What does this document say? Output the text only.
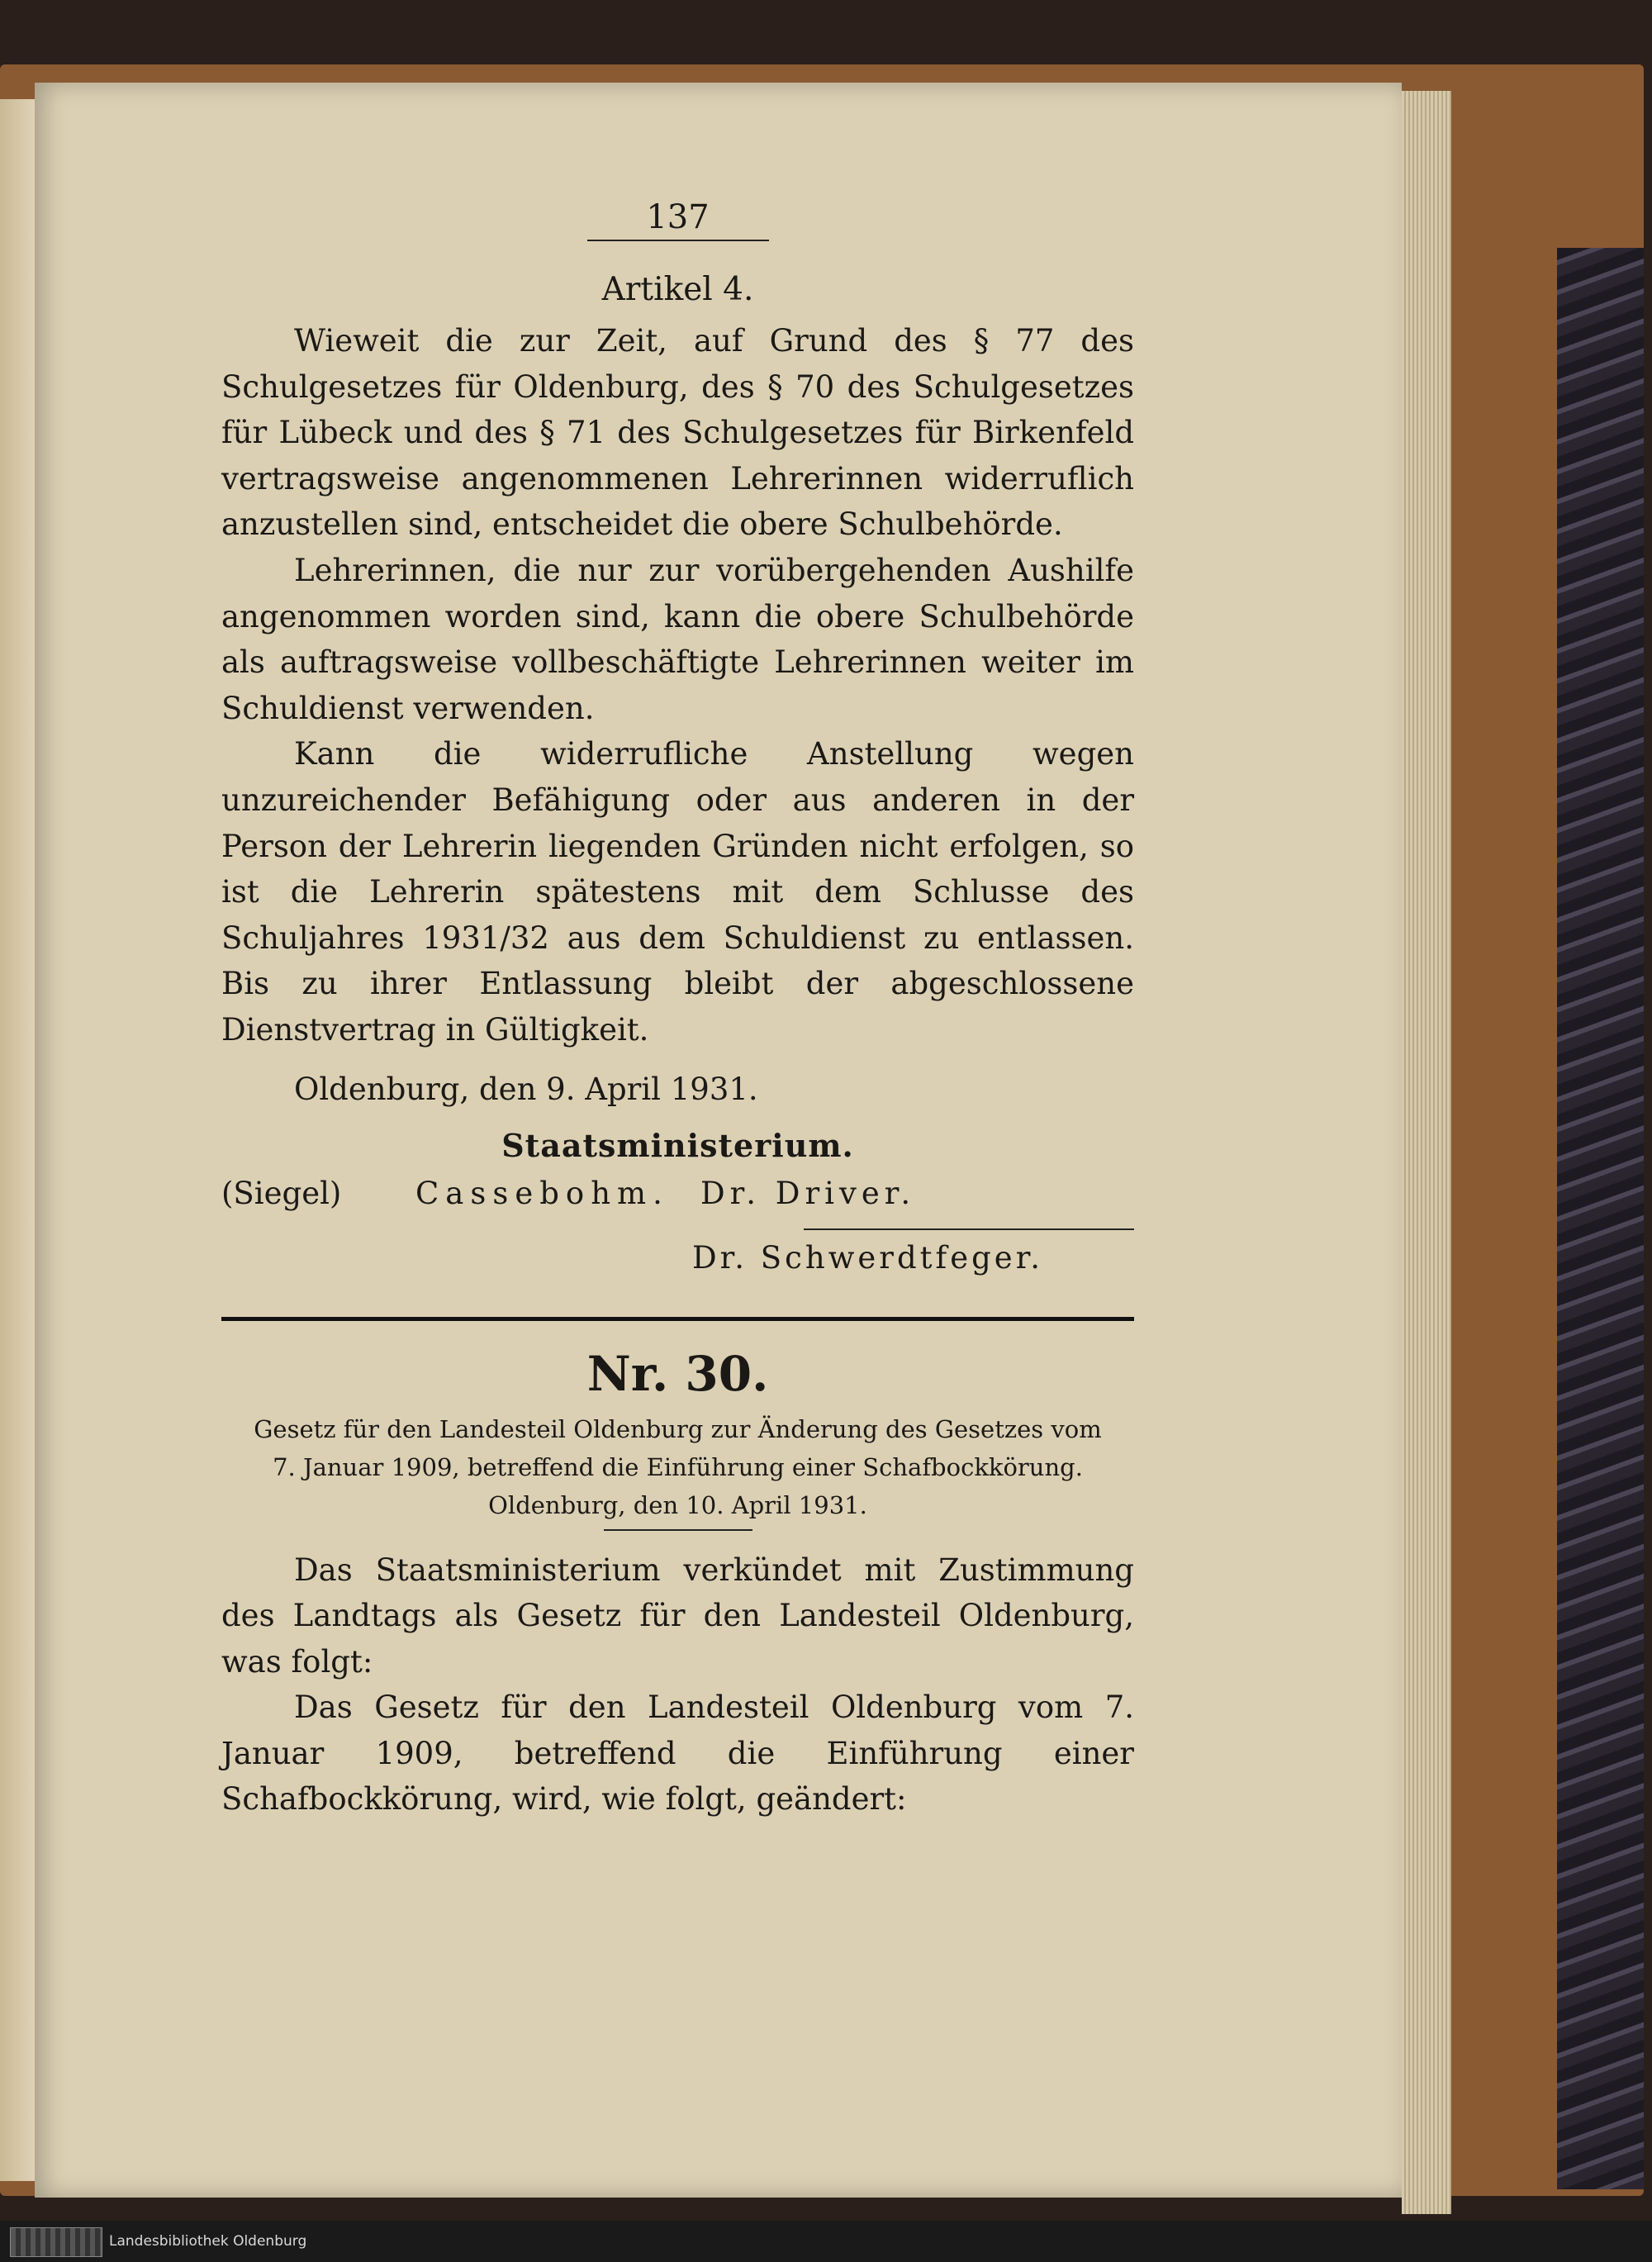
137
Artikel 4.

Wieweit die zur Zeit, auf Grund des § 77 des Schulgesetzes für Oldenburg, des § 70 des Schulgesetzes für Lübeck und des § 71 des Schulgesetzes für Birkenfeld vertragsweise angenommenen Lehrerinnen widerruflich anzustellen sind, entscheidet die obere Schulbehörde.

Lehrerinnen, die nur zur vorübergehenden Aushilfe angenommen worden sind, kann die obere Schulbehörde als auftragsweise vollbeschäftigte Lehrerinnen weiter im Schuldienst verwenden.

Kann die widerrufliche Anstellung wegen unzureichender Befähigung oder aus anderen in der Person der Lehrerin liegenden Gründen nicht erfolgen, so ist die Lehrerin spätestens mit dem Schlusse des Schuljahres 1931/32 aus dem Schuldienst zu entlassen. Bis zu ihrer Entlassung bleibt der abgeschlossene Dienstvertrag in Gültigkeit.

Oldenburg, den 9. April 1931.
Staatsministerium.
(Siegel) Cassebohm. Dr. Driver.
Dr. Schwerdtfeger.
Nr. 30.
Gesetz für den Landesteil Oldenburg zur Änderung des Gesetzes vom
7. Januar 1909, betreffend die Einführung einer Schafbockkörung.
Oldenburg, den 10. April 1931.

Das Staatsministerium verkündet mit Zustimmung des Landtags als Gesetz für den Landesteil Oldenburg, was folgt:

Das Gesetz für den Landesteil Oldenburg vom 7. Januar 1909, betreffend die Einführung einer Schafbockkörung, wird, wie folgt, geändert:

Landesbibliothek Oldenburg
